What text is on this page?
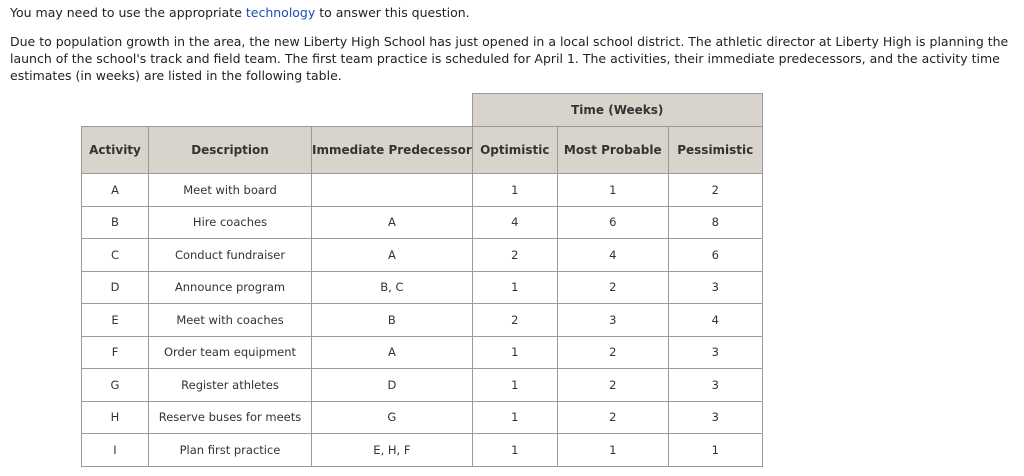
You may need to use the appropriate technology to answer this question.
Due to population growth in the area, the new Liberty High School has just opened in a local school district. The athletic director at Liberty High is planning the launch of the school's track and field team. The first team practice is scheduled for April 1. The activities, their immediate predecessors, and the activity time estimates (in weeks) are listed in the following table.
			Time (Weeks)		
Activity	Description	Immediate Predecessor	Optimistic	Most Probable	Pessimistic
A	Meet with board		1	1	2
B	Hire coaches	A	4	6	8
C	Conduct fundraiser	A	2	4	6
D	Announce program	B, C	1	2	3
E	Meet with coaches	B	2	3	4
F	Order team equipment	A	1	2	3
G	Register athletes	D	1	2	3
H	Reserve buses for meets	G	1	2	3
I	Plan first practice	E, H, F	1	1	1
